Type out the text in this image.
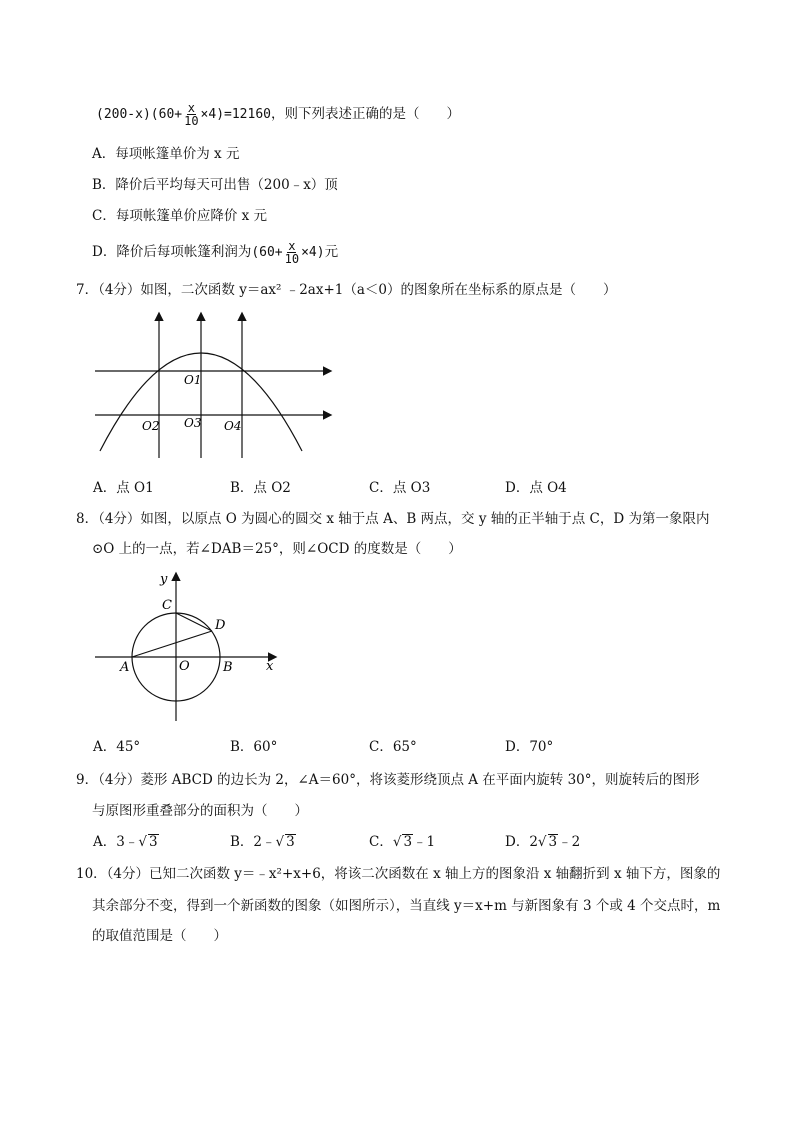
$(200-x)(60+ \frac{x}{10} \times 4)=12160$，则下列表述正确的是（　　）
A．每项帐篷单价为 x 元
B．降价后平均每天可出售（200﹣x）顶
C．每项帐篷单价应降价 x 元
D．降价后每项帐篷利润为$(60+ \frac{x}{10} \times 4)$元
7．（4分）如图，二次函数 y＝ax² ﹣2ax+1（a＜0）的图象所在坐标系的原点是（　　）
O1
O2 O3 O4
A．点 O1	B．点 O2	C．点 O3	D．点 O4
8．（4分）如图，以原点 O 为圆心的圆交 x 轴于点 A、B 两点，交 y 轴的正半轴于点 C，D 为第一象限内
⊙O 上的一点，若∠DAB＝25°，则∠OCD 的度数是（　　）
y
C
D
A	O	B	x
A．45°	B．60°	C．65°	D．70°
9．（4分）菱形 ABCD 的边长为 2，∠A＝60°，将该菱形绕顶点 A 在平面内旋转 30°，则旋转后的图形
与原图形重叠部分的面积为（　　）
A．3﹣√ 3	B．2﹣√ 3	C．√ 3﹣1	D．2√ 3﹣2
10．（4分）已知二次函数 y＝﹣x²+x+6，将该二次函数在 x 轴上方的图象沿 x 轴翻折到 x 轴下方，图象的
其余部分不变，得到一个新函数的图象（如图所示），当直线 y＝x+m 与新图象有 3 个或 4 个交点时，m
的取值范围是（　　）
